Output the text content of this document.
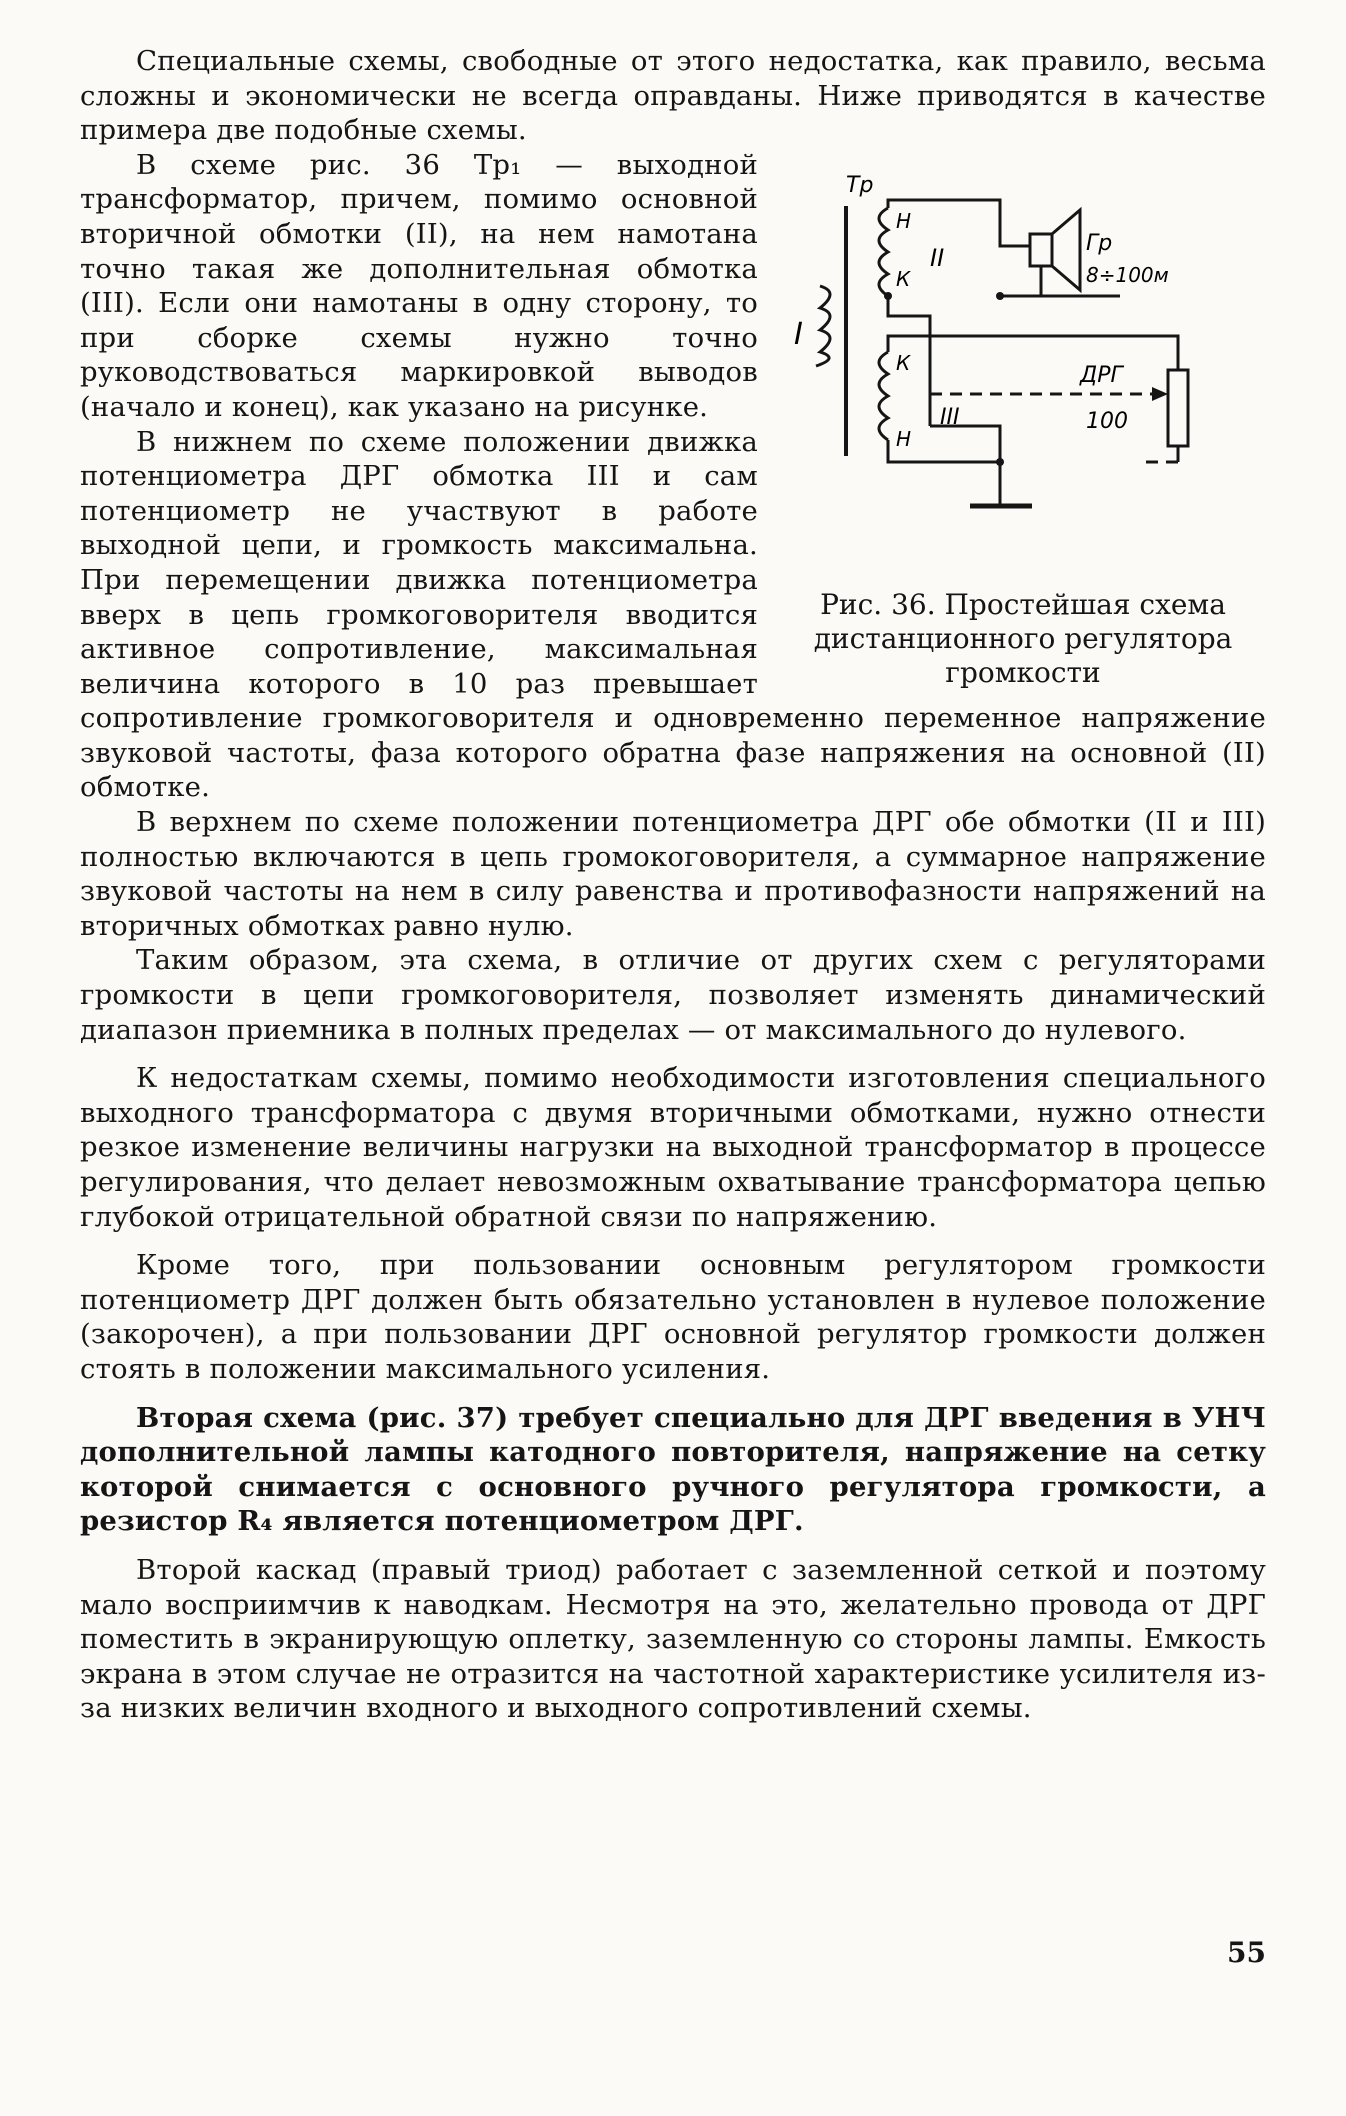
Специальные схемы, свободные от этого недостатка, как правило, весьма сложны и экономически не всегда оправданы. Ниже приводятся в качестве примера две подобные схемы.

Тр
I
Н
II
К
К
III
Н
Гр
8÷100м
ДРГ
100
Рис. 36. Простейшая схема дистанционного регулятора громкости

В схеме рис. 36 Тр₁ — выходной трансформатор, причем, помимо основной вторичной обмотки (II), на нем намотана точно такая же дополнительная обмотка (III). Если они намотаны в одну сторону, то при сборке схемы нужно точно руководствоваться маркировкой выводов (начало и конец), как указано на рисунке.

В нижнем по схеме положении движка потенциометра ДРГ обмотка III и сам потенциометр не участвуют в работе выходной цепи, и громкость максимальна. При перемещении движка потенциометра вверх в цепь громкоговорителя вводится активное сопротивление, максимальная величина которого в 10 раз превышает сопротивление громкоговорителя и одновременно переменное напряжение звуковой частоты, фаза которого обратна фазе напряжения на основной (II) обмотке.

В верхнем по схеме положении потенциометра ДРГ обе обмотки (II и III) полностью включаются в цепь громокоговорителя, а суммарное напряжение звуковой частоты на нем в силу равенства и противофазности напряжений на вторичных обмотках равно нулю.

Таким образом, эта схема, в отличие от других схем с регуляторами громкости в цепи громкоговорителя, позволяет изменять динамический диапазон приемника в полных пределах — от максимального до нулевого.

К недостаткам схемы, помимо необходимости изготовления специального выходного трансформатора с двумя вторичными обмотками, нужно отнести резкое изменение величины нагрузки на выходной трансформатор в процессе регулирования, что делает невозможным охватывание трансформатора цепью глубокой отрицательной обратной связи по напряжению.

Кроме того, при пользовании основным регулятором громкости потенциометр ДРГ должен быть обязательно установлен в нулевое положение (закорочен), а при пользовании ДРГ основной регулятор громкости должен стоять в положении максимального усиления.

Вторая схема (рис. 37) требует специально для ДРГ введения в УНЧ дополнительной лампы катодного повторителя, напряжение на сетку которой снимается с основного ручного регулятора громкости, а резистор R₄ является потенциометром ДРГ.

Второй каскад (правый триод) работает с заземленной сеткой и поэтому мало восприимчив к наводкам. Несмотря на это, желательно провода от ДРГ поместить в экранирующую оплетку, заземленную со стороны лампы. Емкость экрана в этом случае не отразится на частотной характеристике усилителя из-за низких величин входного и выходного сопротивлений схемы.

55
